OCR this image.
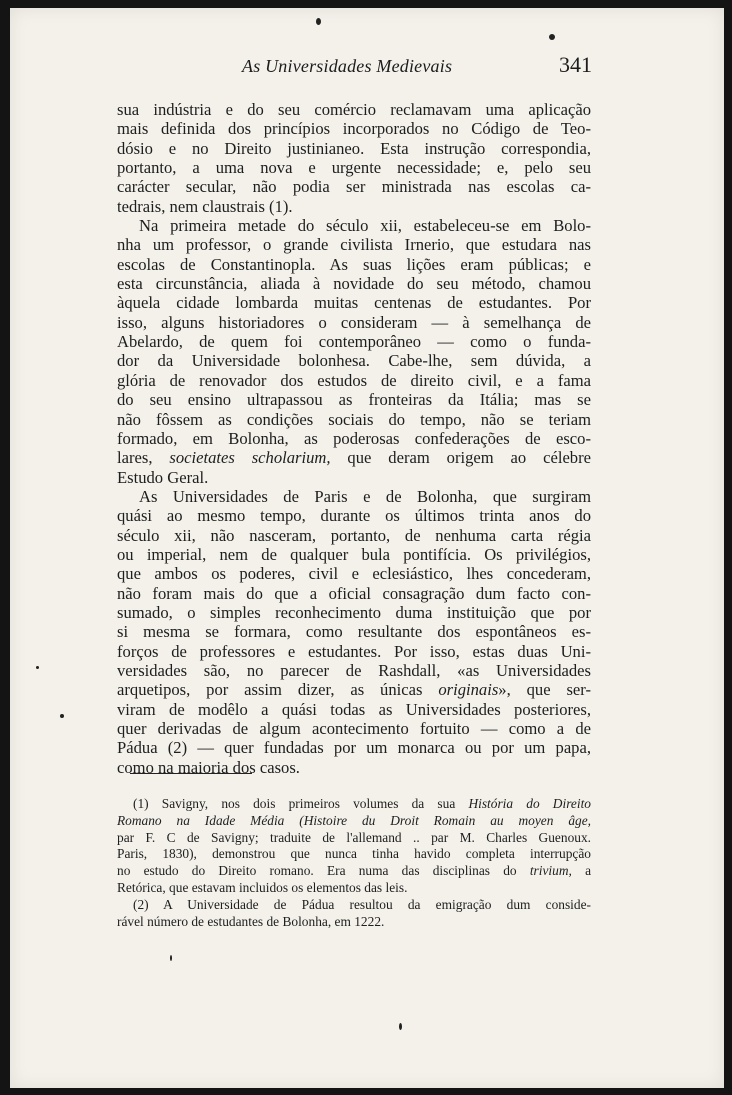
As Universidades Medievais	341
sua indústria e do seu comércio reclamavam uma aplicação
mais definida dos princípios incorporados no Código de Teo-
dósio e no Direito justinianeo. Esta instrução correspondia,
portanto, a uma nova e urgente necessidade; e, pelo seu
carácter secular, não podia ser ministrada nas escolas ca-
tedrais, nem claustrais (1).
Na primeira metade do século xii, estabeleceu-se em Bolo-
nha um professor, o grande civilista Irnerio, que estudara nas
escolas de Constantinopla. As suas lições eram públicas; e
esta circunstância, aliada à novidade do seu método, chamou
àquela cidade lombarda muitas centenas de estudantes. Por
isso, alguns historiadores o consideram — à semelhança de
Abelardo, de quem foi contemporâneo — como o funda-
dor da Universidade bolonhesa. Cabe-lhe, sem dúvida, a
glória de renovador dos estudos de direito civil, e a fama
do seu ensino ultrapassou as fronteiras da Itália; mas se
não fôssem as condições sociais do tempo, não se teriam
formado, em Bolonha, as poderosas confederações de esco-
lares, societates scholarium, que deram origem ao célebre
Estudo Geral.
As Universidades de Paris e de Bolonha, que surgiram
quási ao mesmo tempo, durante os últimos trinta anos do
século xii, não nasceram, portanto, de nenhuma carta régia
ou imperial, nem de qualquer bula pontifícia. Os privilégios,
que ambos os poderes, civil e eclesiástico, lhes concederam,
não foram mais do que a oficial consagração dum facto con-
sumado, o simples reconhecimento duma instituição que por
si mesma se formara, como resultante dos espontâneos es-
forços de professores e estudantes. Por isso, estas duas Uni-
versidades são, no parecer de Rashdall, «as Universidades
arquetipos, por assim dizer, as únicas originais», que ser-
viram de modêlo a quási todas as Universidades posteriores,
quer derivadas de algum acontecimento fortuito — como a de
Pádua (2) — quer fundadas por um monarca ou por um papa,
como na maioria dos casos.
(1) Savigny, nos dois primeiros volumes da sua História do Direito
Romano na Idade Média (Histoire du Droit Romain au moyen âge,
par F. C de Savigny; traduite de l'allemand .. par M. Charles Guenoux.
Paris, 1830), demonstrou que nunca tinha havido completa interrupção
no estudo do Direito romano. Era numa das disciplinas do trivium, a
Retórica, que estavam incluidos os elementos das leis.
(2) A Universidade de Pádua resultou da emigração dum conside-
rável número de estudantes de Bolonha, em 1222.
